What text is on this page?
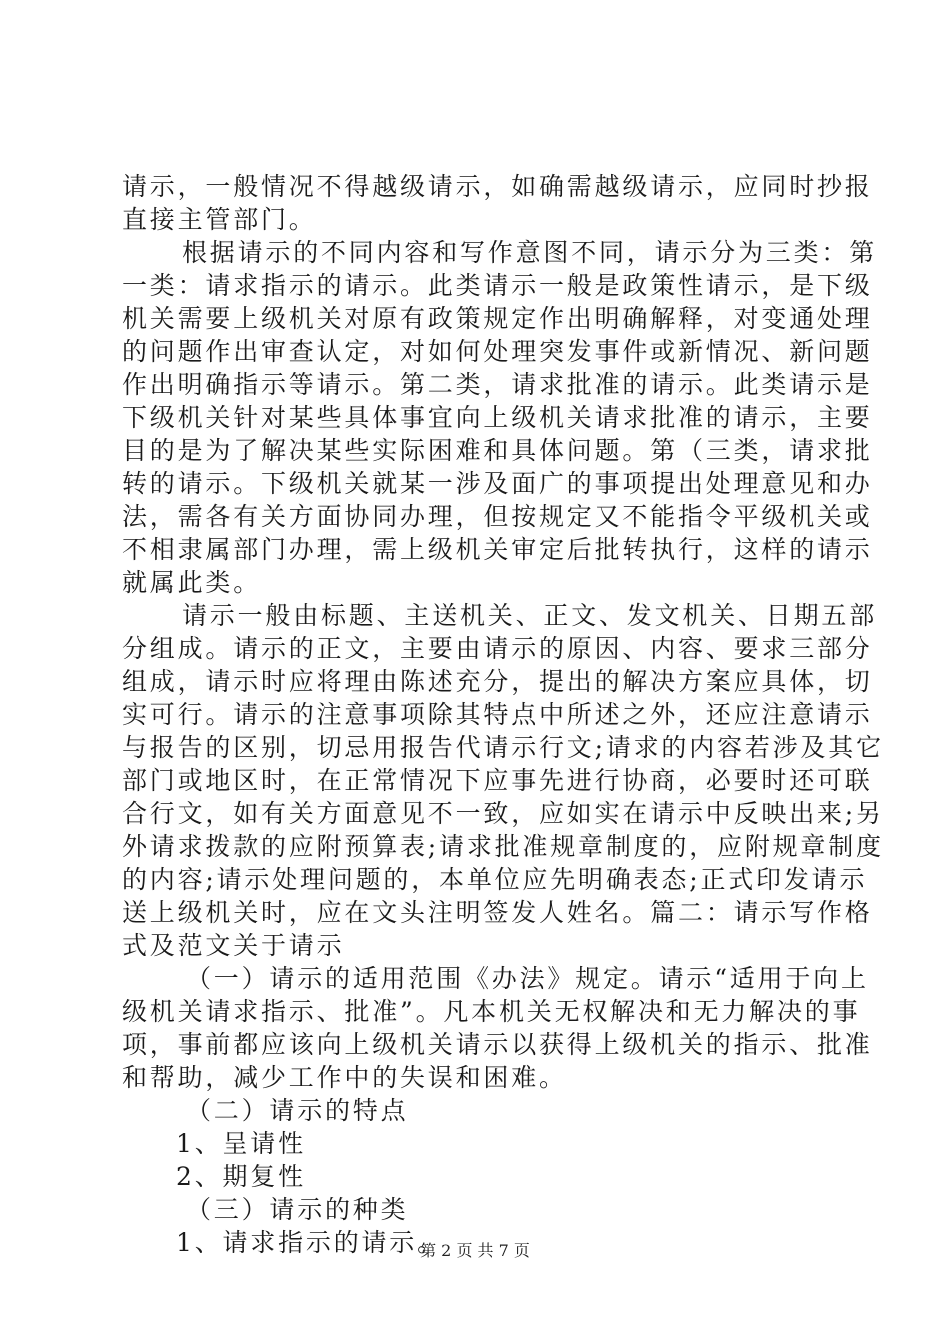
请示，一般情况不得越级请示，如确需越级请示，应同时抄报
直接主管部门。
根据请示的不同内容和写作意图不同，请示分为三类：第
一类：请求指示的请示。此类请示一般是政策性请示，是下级
机关需要上级机关对原有政策规定作出明确解释，对变通处理
的问题作出审查认定，对如何处理突发事件或新情况、新问题
作出明确指示等请示。第二类，请求批准的请示。此类请示是
下级机关针对某些具体事宜向上级机关请求批准的请示，主要
目的是为了解决某些实际困难和具体问题。第（三类，请求批
转的请示。下级机关就某一涉及面广的事项提出处理意见和办
法，需各有关方面协同办理，但按规定又不能指令平级机关或
不相隶属部门办理，需上级机关审定后批转执行，这样的请示
就属此类。
请示一般由标题、主送机关、正文、发文机关、日期五部
分组成。请示的正文，主要由请示的原因、内容、要求三部分
组成，请示时应将理由陈述充分，提出的解决方案应具体，切
实可行。请示的注意事项除其特点中所述之外，还应注意请示
与报告的区别，切忌用报告代请示行文;请求的内容若涉及其它
部门或地区时，在正常情况下应事先进行协商，必要时还可联
合行文，如有关方面意见不一致，应如实在请示中反映出来;另
外请求拨款的应附预算表;请求批准规章制度的，应附规章制度
的内容;请示处理问题的，本单位应先明确表态;正式印发请示
送上级机关时，应在文头注明签发人姓名。篇二：请示写作格
式及范文关于请示
（一）请示的适用范围《办法》规定。请示“适用于向上
级机关请求指示、批准”。凡本机关无权解决和无力解决的事
项，事前都应该向上级机关请示以获得上级机关的指示、批准
和帮助，减少工作中的失误和困难。
（二）请示的特点
1、呈请性
2、期复性
（三）请示的种类
1、请求指示的请示。
第 2 页 共 7 页
